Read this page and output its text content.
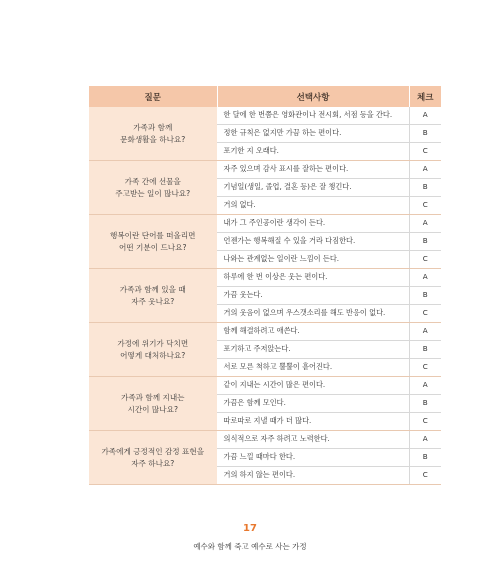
질문	선택사항	체크

가족과 함께
문화생활을 하나요?	한 달에 한 번쯤은 영화관이나 전시회, 서점 등을 간다.	A
	정한 규칙은 없지만 가끔 하는 편이다.	B
	포기한 지 오래다.	C

가족 간에 선물을
주고받는 일이 많나요?	자주 있으며 감사 표시를 잘하는 편이다.	A
	기념일(생일, 졸업, 결혼 등)은 잘 챙긴다.	B
	거의 없다.	C

행복이란 단어를 떠올리면
어떤 기분이 드나요?	내가 그 주인공이란 생각이 든다.	A
	언젠가는 행복해질 수 있을 거라 다짐한다.	B
	나와는 관계없는 일이란 느낌이 든다.	C

가족과 함께 있을 때
자주 웃나요?	하루에 한 번 이상은 웃는 편이다.	A
	가끔 웃는다.	B
	거의 웃음이 없으며 우스갯소리를 해도 반응이 없다.	C

가정에 위기가 닥치면
어떻게 대처하나요?	함께 해결하려고 애쓴다.	A
	포기하고 주저앉는다.	B
	서로 모른 척하고 뿔뿔이 흩어진다.	C

가족과 함께 지내는
시간이 많나요?	같이 지내는 시간이 많은 편이다.	A
	가끔은 함께 모인다.	B
	따로따로 지낼 때가 더 많다.	C

가족에게 긍정적인 감정 표현을
자주 하나요?	의식적으로 자주 하려고 노력한다.	A
	가끔 느낄 때마다 한다.	B
	거의 하지 않는 편이다.	C
17
예수와 함께 죽고 예수로 사는 가정
